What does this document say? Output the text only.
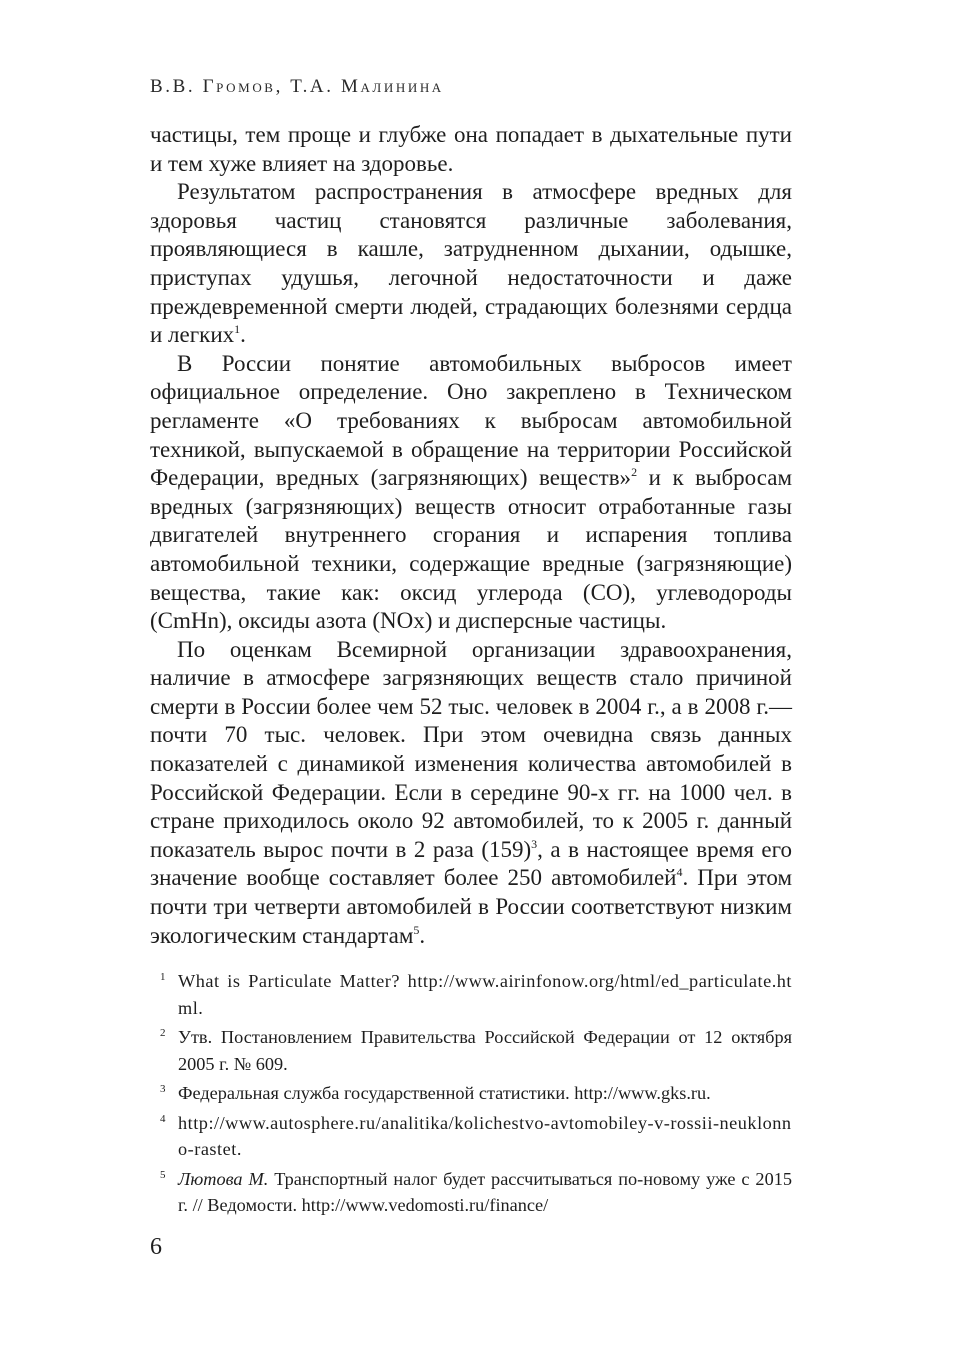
В.В. Громов, Т.А. Малинина

частицы, тем проще и глубже она попадает в дыхательные пути и тем хуже влияет на здоровье.

Результатом распространения в атмосфере вредных для здоровья частиц становятся различные заболевания, проявляющиеся в кашле, затрудненном дыхании, одышке, приступах удушья, легочной недостаточности и даже преждевременной смерти людей, страдающих болезнями сердца и легких$^1$.

В России понятие автомобильных выбросов имеет официальное определение. Оно закреплено в Техническом регламенте «О требованиях к выбросам автомобильной техникой, выпускаемой в обращение на территории Российской Федерации, вредных (загрязняющих) веществ»$^2$ и к выбросам вредных (загрязняющих) веществ относит отработанные газы двигателей внутреннего сгорания и испарения топлива автомобильной техники, содержащие вредные (загрязняющие) вещества, такие как: оксид углерода (CO), углеводороды (CmHn), оксиды азота (NOx) и дисперсные частицы.

По оценкам Всемирной организации здравоохранения, наличие в атмосфере загрязняющих веществ стало причиной смерти в России более чем 52 тыс. человек в 2004 г., а в 2008 г.— почти 70 тыс. человек. При этом очевидна связь данных показателей с динамикой изменения количества автомобилей в Российской Федерации. Если в середине 90-х гг. на 1000 чел. в стране приходилось около 92 автомобилей, то к 2005 г. данный показатель вырос почти в 2 раза (159)$^3$, а в настоящее время его значение вообще составляет более 250 автомобилей$^4$. При этом почти три четверти автомобилей в России соответствуют низким экологическим стандартам$^5$.

1 What is Particulate Matter? http://www.airinfonow.org/html/ed_particulate.html.
2 Утв. Постановлением Правительства Российской Федерации от 12 октября 2005 г. № 609.
3 Федеральная служба государственной статистики. http://www.gks.ru.
4 http://www.autosphere.ru/analitika/kolichestvo-avtomobiley-v-rossii-neuklonno-rastet.
5 Лютова М. Транспортный налог будет рассчитываться по-новому уже с 2015 г. // Ведомости. http://www.vedomosti.ru/finance/
6
